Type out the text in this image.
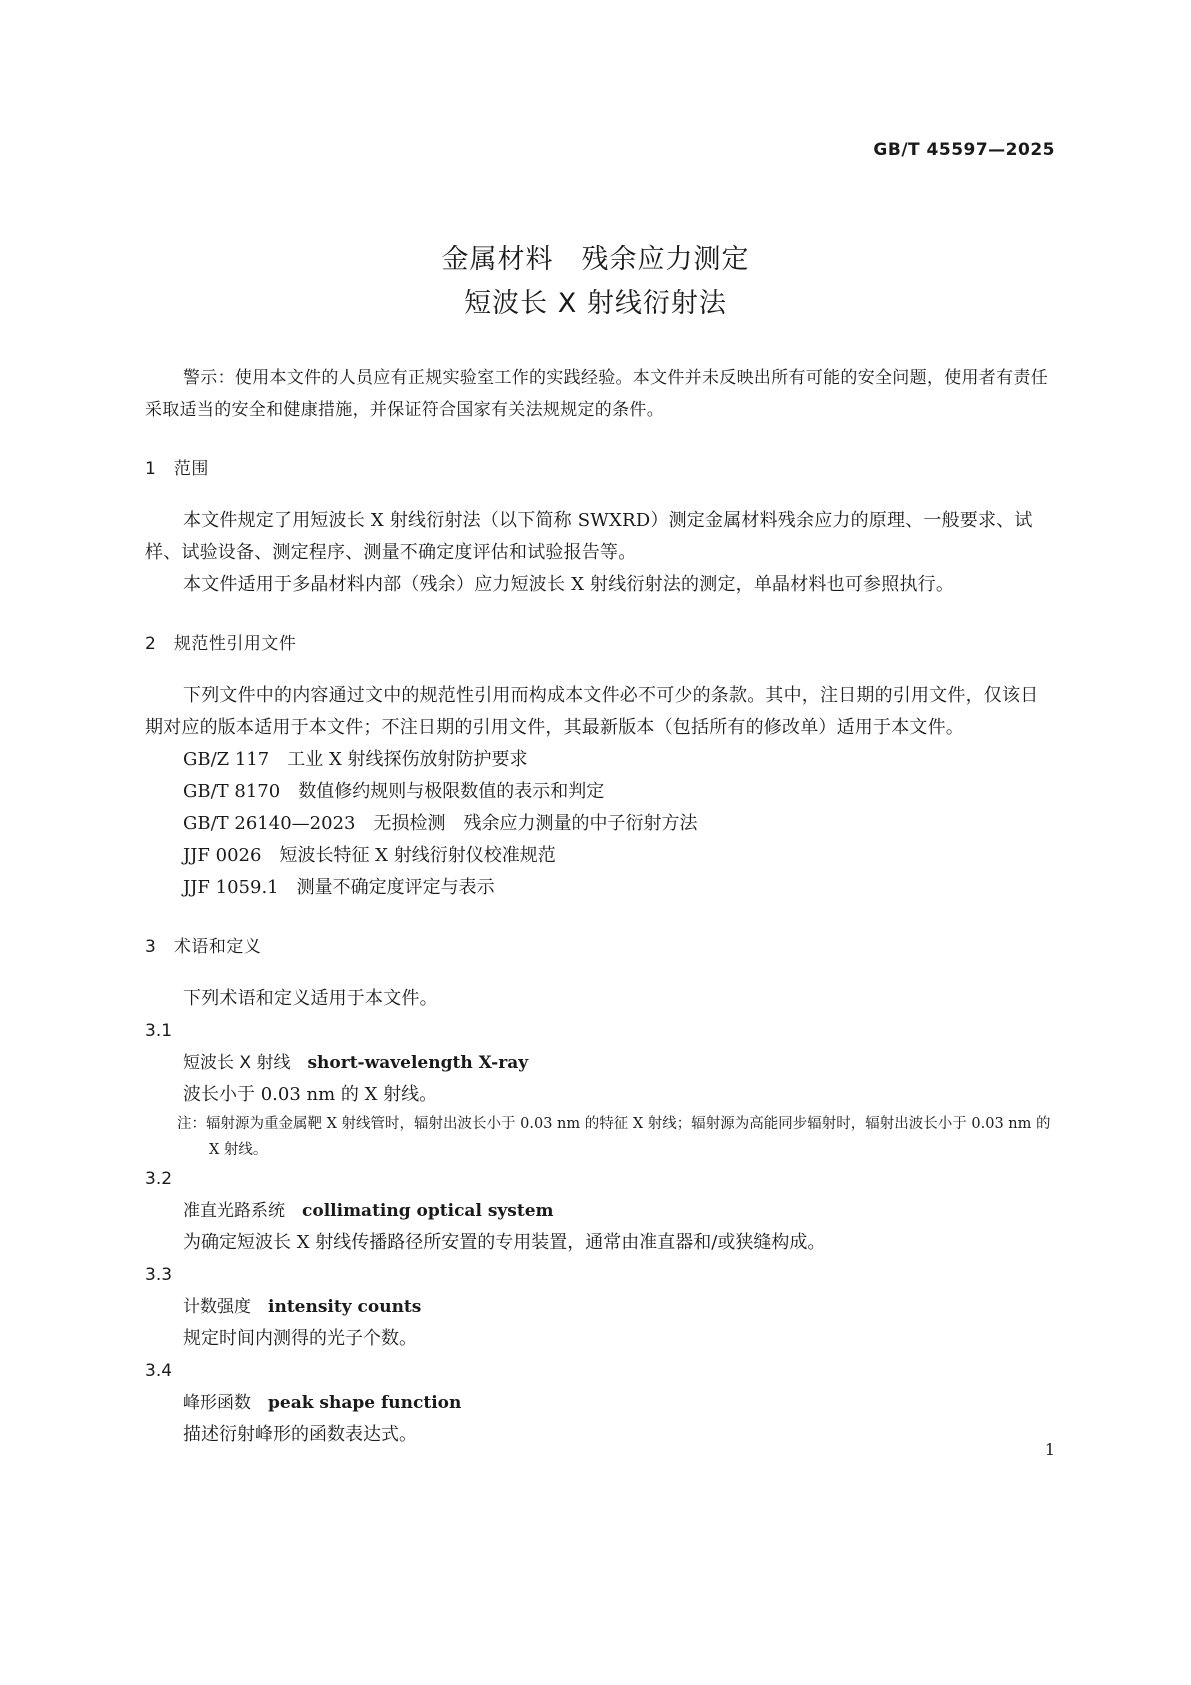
GB/T 45597—2025
金属材料　残余应力测定
短波长 X 射线衍射法

警示：使用本文件的人员应有正规实验室工作的实践经验。本文件并未反映出所有可能的安全问题，使用者有责任采取适当的安全和健康措施，并保证符合国家有关法规规定的条件。

1　范围

本文件规定了用短波长 X 射线衍射法（以下简称 SWXRD）测定金属材料残余应力的原理、一般要求、试样、试验设备、测定程序、测量不确定度评估和试验报告等。

本文件适用于多晶材料内部（残余）应力短波长 X 射线衍射法的测定，单晶材料也可参照执行。

2　规范性引用文件

下列文件中的内容通过文中的规范性引用而构成本文件必不可少的条款。其中，注日期的引用文件，仅该日期对应的版本适用于本文件；不注日期的引用文件，其最新版本（包括所有的修改单）适用于本文件。

GB/Z 117　工业 X 射线探伤放射防护要求

GB/T 8170　数值修约规则与极限数值的表示和判定

GB/T 26140—2023　无损检测　残余应力测量的中子衍射方法

JJF 0026　短波长特征 X 射线衍射仪校准规范

JJF 1059.1　测量不确定度评定与表示

3　术语和定义

下列术语和定义适用于本文件。

3.1

短波长 X 射线　 short-wavelength X-ray

波长小于 0.03 nm 的 X 射线。

注：辐射源为重金属靶 X 射线管时，辐射出波长小于 0.03 nm 的特征 X 射线；辐射源为高能同步辐射时，辐射出波长小于 0.03 nm 的 X 射线。

3.2

准直光路系统　 collimating optical system

为确定短波长 X 射线传播路径所安置的专用装置，通常由准直器和/或狭缝构成。

3.3

计数强度　 intensity counts

规定时间内测得的光子个数。

3.4

峰形函数　 peak shape function

描述衍射峰形的函数表达式。

1
